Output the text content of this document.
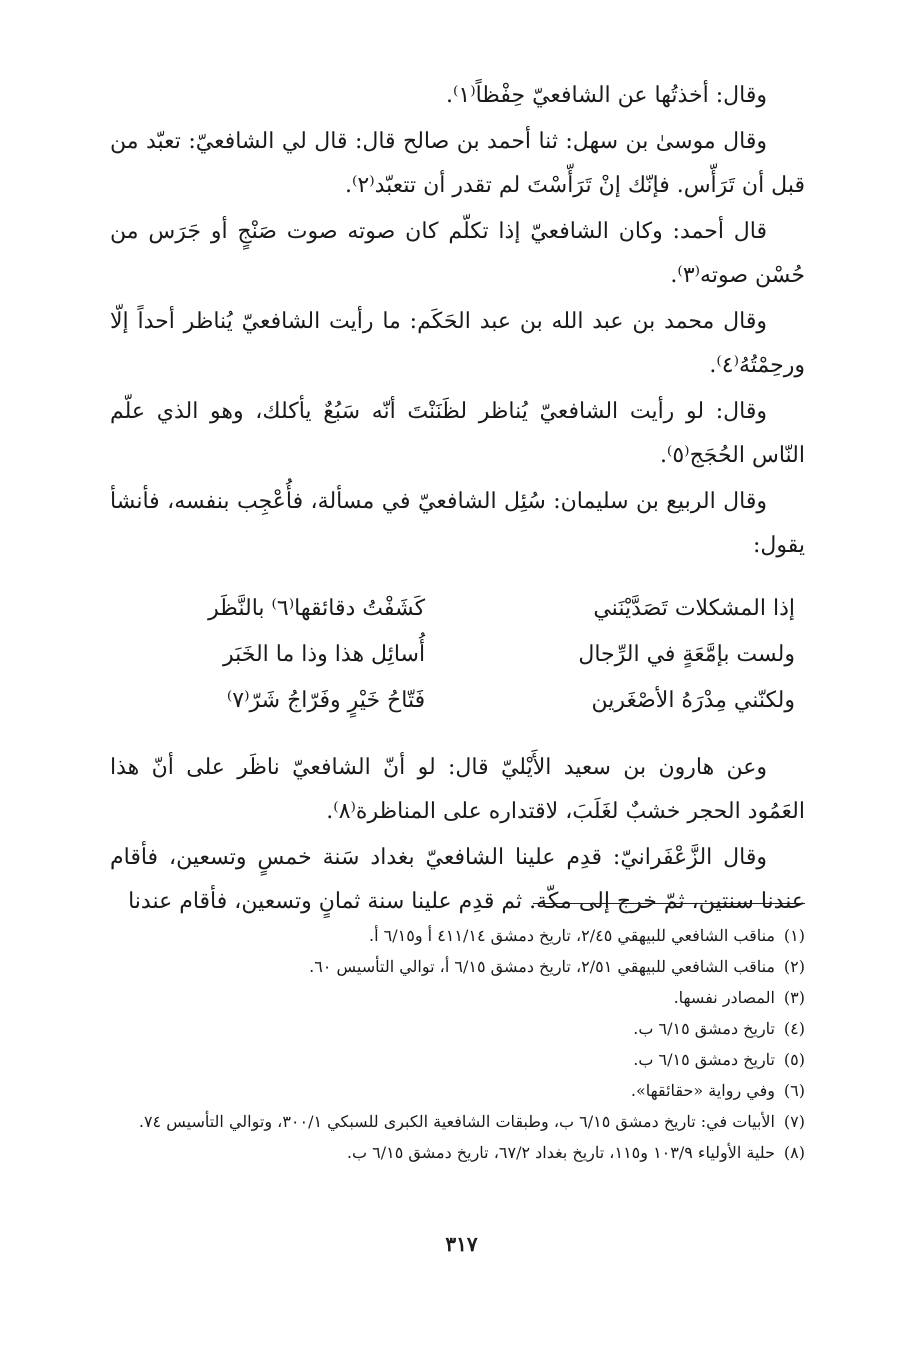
وقال: أخذتُها عن الشافعيّ حِفْظاً⁽١⁾.

وقال موسىٰ بن سهل: ثنا أحمد بن صالح قال: قال لي الشافعيّ: تعبّد من قبل أن تَرَأّس. فإنّك إنْ تَرَأّسْتَ لم تقدر أن تتعبّد⁽٢⁾.

قال أحمد: وكان الشافعيّ إذا تكلّم كان صوته صوت صَنْجٍ أو جَرَس من حُسْن صوته⁽٣⁾.

وقال محمد بن عبد الله بن عبد الحَكَم: ما رأيت الشافعيّ يُناظر أحداً إلّا ورحِمْتُهُ⁽٤⁾.

وقال: لو رأيت الشافعيّ يُناظر لظَنَنْتَ أنّه سَبُعٌ يأكلك، وهو الذي علّم النّاس الحُجَج⁽٥⁾.

وقال الربيع بن سليمان: سُئِل الشافعيّ في مسألة، فأُعْجِب بنفسه، فأنشأ يقول:

إذا المشكلات تَصَدَّيْنَني
كَشَفْتُ دقائقها⁽٦⁾ بالنَّظَر
ولست بإمَّعَةٍ في الرِّجال
أُسائِل هذا وذا ما الخَبَر
ولكنّني مِدْرَهُ الأصْغَرين
فَتّاحُ خَيْرٍ وفَرّاجُ شَرّ⁽٧⁾

وعن هارون بن سعيد الأَيْليّ قال: لو أنّ الشافعيّ ناظَر على أنّ هذا العَمُود الحجر خشبٌ لغَلَبَ، لاقتداره على المناظرة⁽٨⁾.

وقال الزَّعْفَرانيّ: قدِم علينا الشافعيّ بغداد سَنة خمسٍ وتسعين، فأقام عندنا سنتين، ثمّ خرج إلى مكّة. ثم قدِم علينا سنة ثمانٍ وتسعين، فأقام عندنا

(١)
مناقب الشافعي للبيهقي ٢/٤٥، تاريخ دمشق ٤١١/١٤ أ و٦/١٥ أ.
(٢)
مناقب الشافعي للبيهقي ٢/٥١، تاريخ دمشق ٦/١٥ أ، توالي التأسيس ٦٠.
(٣)
المصادر نفسها.
(٤)
تاريخ دمشق ٦/١٥ ب.
(٥)
تاريخ دمشق ٦/١٥ ب.
(٦)
وفي رواية «حقائقها».
(٧)
الأبيات في: تاريخ دمشق ٦/١٥ ب، وطبقات الشافعية الكبرى للسبكي ٣٠٠/١، وتوالي التأسيس ٧٤.
(٨)
حلية الأولياء ١٠٣/٩ و١١٥، تاريخ بغداد ٦٧/٢، تاريخ دمشق ٦/١٥ ب.
٣١٧
